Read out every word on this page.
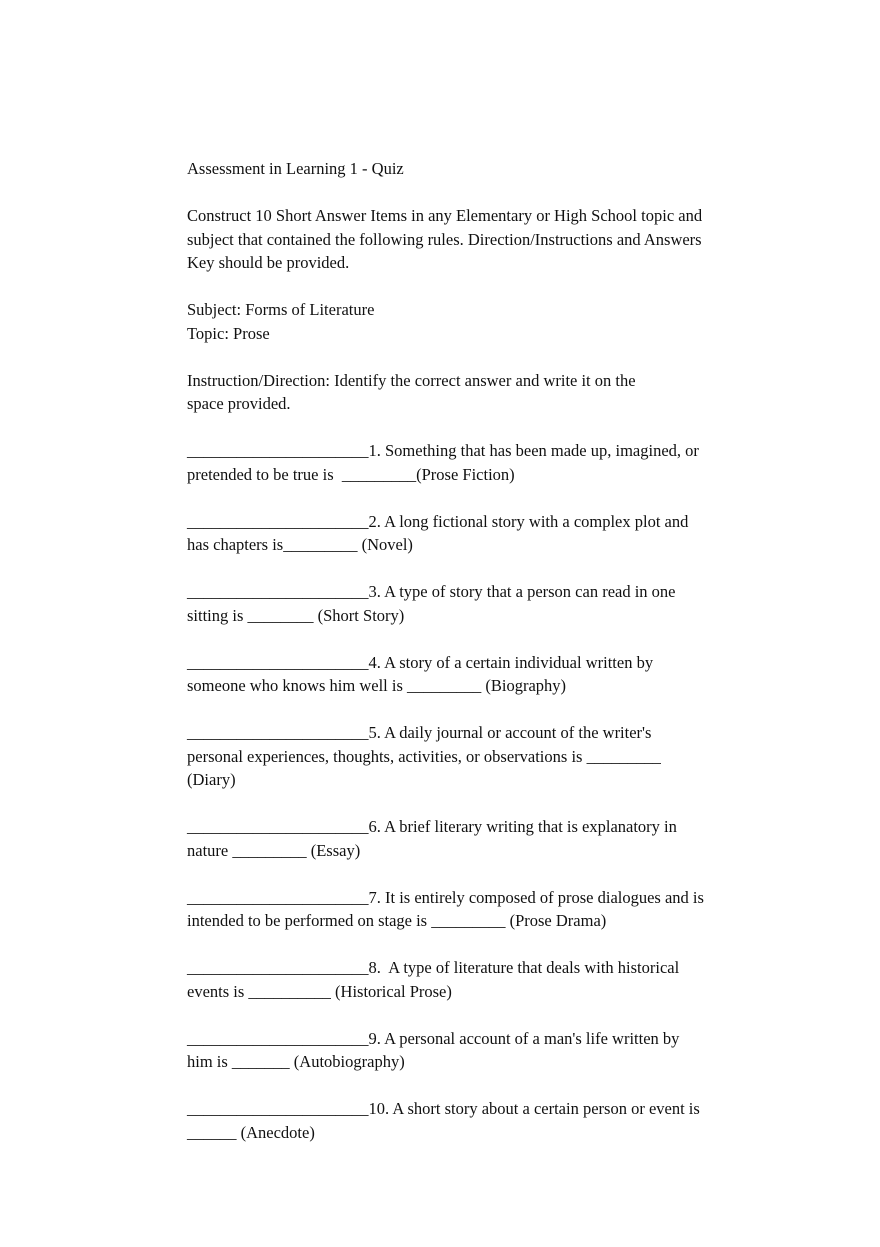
Assessment in Learning 1 - Quiz
Construct 10 Short Answer Items in any Elementary or High School topic and
subject that contained the following rules. Direction/Instructions and Answers
Key should be provided.
Subject: Forms of Literature
Topic: Prose
Instruction/Direction: Identify the correct answer and write it on the
space provided.
______________________1. Something that has been made up, imagined, or
pretended to be true is  _________(Prose Fiction)
______________________2. A long fictional story with a complex plot and
has chapters is_________ (Novel)
______________________3. A type of story that a person can read in one
sitting is ________ (Short Story)
______________________4. A story of a certain individual written by
someone who knows him well is _________ (Biography)
______________________5. A daily journal or account of the writer's
personal experiences, thoughts, activities, or observations is _________
(Diary)
______________________6. A brief literary writing that is explanatory in
nature _________ (Essay)
______________________7. It is entirely composed of prose dialogues and is
intended to be performed on stage is _________ (Prose Drama)
______________________8.  A type of literature that deals with historical
events is __________ (Historical Prose)
______________________9. A personal account of a man's life written by
him is _______ (Autobiography)
______________________10. A short story about a certain person or event is
______ (Anecdote)
